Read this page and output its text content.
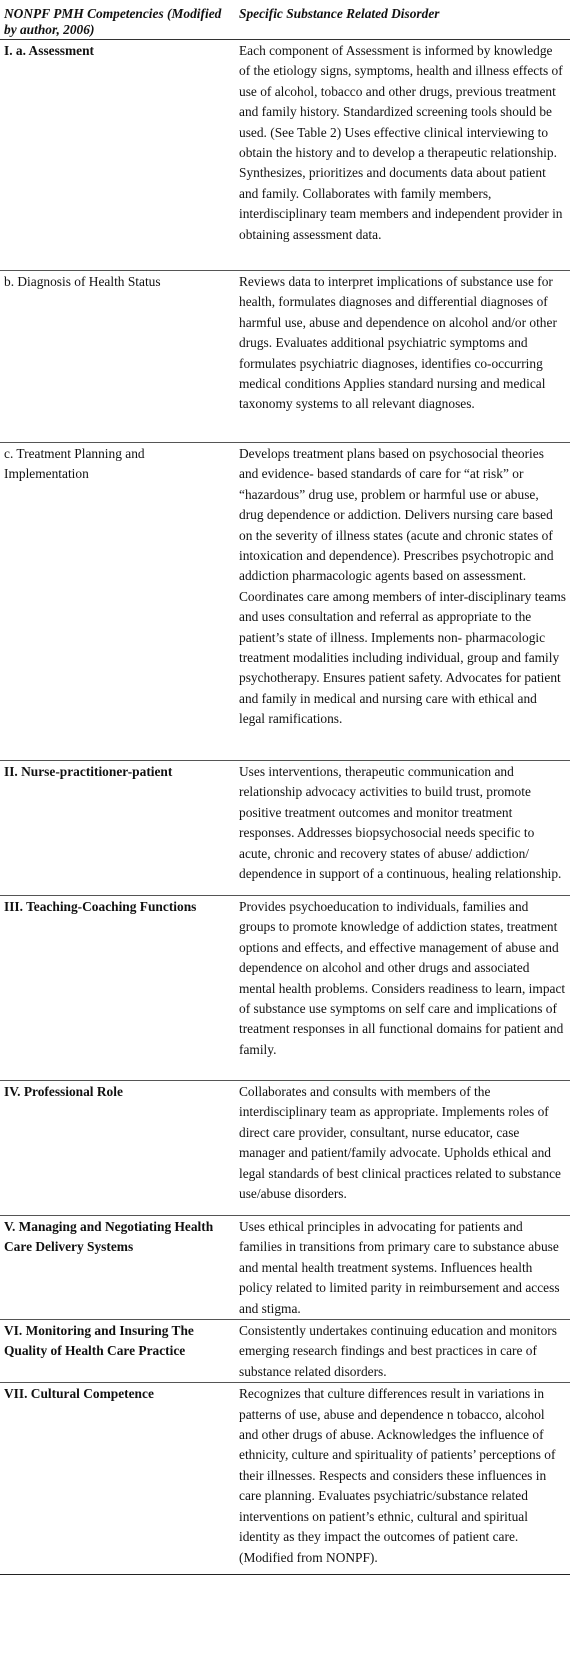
NONPF PMH Competencies (Modified by author, 2006)	Specific Substance Related Disorder
I. a. Assessment	Each component of Assessment is informed by knowledge of the etiology signs, symptoms, health and illness effects of use of alcohol, tobacco and other drugs, previous treatment and family history. Standardized screening tools should be used. (See Table 2) Uses effective clinical interviewing to obtain the history and to develop a therapeutic relationship. Synthesizes, prioritizes and documents data about patient and family. Collaborates with family members, interdisciplinary team members and independent provider in obtaining assessment data.
b. Diagnosis of Health Status	Reviews data to interpret implications of substance use for health, formulates diagnoses and differential diagnoses of harmful use, abuse and dependence on alcohol and/or other drugs. Evaluates additional psychiatric symptoms and formulates psychiatric diagnoses, identifies co-occurring medical conditions Applies standard nursing and medical taxonomy systems to all relevant diagnoses.
c. Treatment Planning and Implementation	Develops treatment plans based on psychosocial theories and evidence- based standards of care for “at risk” or “hazardous” drug use, problem or harmful use or abuse, drug dependence or addiction. Delivers nursing care based on the severity of illness states (acute and chronic states of intoxication and dependence). Prescribes psychotropic and addiction pharmacologic agents based on assessment. Coordinates care among members of inter-disciplinary teams and uses consultation and referral as appropriate to the patient’s state of illness. Implements non- pharmacologic treatment modalities including individual, group and family psychotherapy. Ensures patient safety. Advocates for patient and family in medical and nursing care with ethical and legal ramifications.
II. Nurse-practitioner-patient	Uses interventions, therapeutic communication and relationship advocacy activities to build trust, promote positive treatment outcomes and monitor treatment responses. Addresses biopsychosocial needs specific to acute, chronic and recovery states of abuse/ addiction/ dependence in support of a continuous, healing relationship.
III. Teaching-Coaching Functions	Provides psychoeducation to individuals, families and groups to promote knowledge of addiction states, treatment options and effects, and effective management of abuse and dependence on alcohol and other drugs and associated mental health problems. Considers readiness to learn, impact of substance use symptoms on self care and implications of treatment responses in all functional domains for patient and family.
IV. Professional Role	Collaborates and consults with members of the interdisciplinary team as appropriate. Implements roles of direct care provider, consultant, nurse educator, case manager and patient/family advocate. Upholds ethical and legal standards of best clinical practices related to substance use/abuse disorders.
V. Managing and Negotiating Health Care Delivery Systems	Uses ethical principles in advocating for patients and families in transitions from primary care to substance abuse and mental health treatment systems. Influences health policy related to limited parity in reimbursement and access and stigma.
VI. Monitoring and Insuring The Quality of Health Care Practice	Consistently undertakes continuing education and monitors emerging research findings and best practices in care of substance related disorders.
VII. Cultural Competence	Recognizes that culture differences result in variations in patterns of use, abuse and dependence n tobacco, alcohol and other drugs of abuse. Acknowledges the influence of ethnicity, culture and spirituality of patients’ perceptions of their illnesses. Respects and considers these influences in care planning. Evaluates psychiatric/substance related interventions on patient’s ethnic, cultural and spiritual identity as they impact the outcomes of patient care. (Modified from NONPF).
